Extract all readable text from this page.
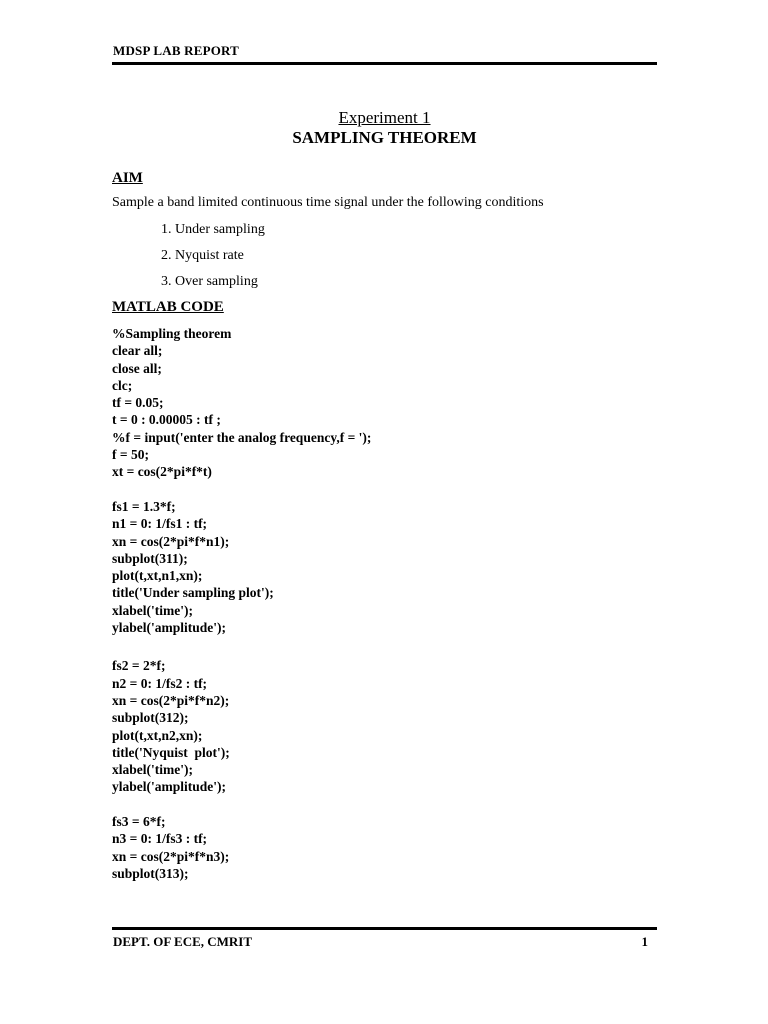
MDSP LAB REPORT
Experiment 1
SAMPLING THEOREM
AIM
Sample a band limited continuous time signal under the following conditions
1. Under sampling
2. Nyquist rate
3. Over sampling
MATLAB CODE
%Sampling theorem
clear all;
close all;
clc;
tf = 0.05;
t = 0 : 0.00005 : tf ;
%f = input('enter the analog frequency,f = ');
f = 50;
xt = cos(2*pi*f*t)
fs1 = 1.3*f;
n1 = 0: 1/fs1 : tf;
xn = cos(2*pi*f*n1);
subplot(311);
plot(t,xt,n1,xn);
title('Under sampling plot');
xlabel('time');
ylabel('amplitude');
fs2 = 2*f;
n2 = 0: 1/fs2 : tf;
xn = cos(2*pi*f*n2);
subplot(312);
plot(t,xt,n2,xn);
title('Nyquist  plot');
xlabel('time');
ylabel('amplitude');
fs3 = 6*f;
n3 = 0: 1/fs3 : tf;
xn = cos(2*pi*f*n3);
subplot(313);
DEPT. OF ECE, CMRIT	1
